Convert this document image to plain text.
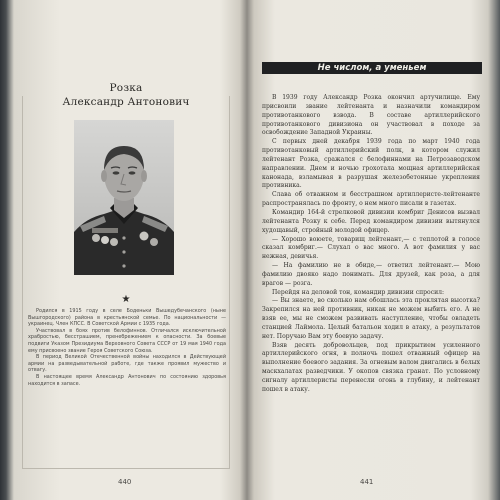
Розка
Александр Антонович
★

Родился в 1915 году в селе Боденьки Вышедубечанского (ныне Вышгородского) района в крестьянской семье. По национальности — украинец. Член КПСС. В Советской Армии с 1935 года.

Участвовал в боях против белофиннов. Отличался исключительной храбростью, бесстрашием, пренебрежением к опасности. За боевые подвиги Указом Президиума Верховного Совета СССР от 19 мая 1940 года ему присвоено звание Героя Советского Союза.

В период Великой Отечественной войны находился в Действующей армии на разведывательной работе, где также проявил мужество и отвагу.

В настоящее время Александр Антонович по состоянию здоровья находится в запасе.

440
Не числом, а уменьем

В 1939 году Александр Розка окончил артучилище. Ему присвоили звание лейтенанта и назначили командиром противотанкового взвода. В составе артиллерийского противотанкового дивизиона он участвовал в походе за освобождение Западной Украины.

С первых дней декабря 1939 года по март 1940 года противотанковый артиллерийский полк, в котором служил лейтенант Розка, сражался с белофиннами на Петрозаводском направлении. Днем и ночью грохотала мощная артиллерийская канонада, взламывая в разрушая железобетонные укрепления противника.

Слава об отважном и бесстрашном артиллеристе-лейтенанте распространялась по фронту, о нем много писали в газетах.

Командир 164-й стрелковой дивизии комбриг Денисов вызвал лейтенанта Розку к себе. Перед командиром дивизии вытянулся худощавый, стройный молодой офицер.

— Хорошо воюете, товарищ лейтенант,— с теплотой в голосе сказал комбриг.— Слухал о вас много. А вот фамилия у вас нежная, девичья.

— На фамилию не в обиде,— ответил лейтенант.— Мою фамилию двояко надо понимать. Для друзей, как роза, а для врагов — розга.

Перейдя на деловой тон, командир дивизии спросил:

— Вы знаете, во сколько нам обошлась эта проклятая высотка? Закрепился на ней противник, никак не можем выбить его. А не взяв ее, мы не сможем развивать наступление, чтобы овладеть станцией Лаймола. Целый батальон ходил в атаку, а результатов нет. Поручаю Вам эту боевую задачу.

Взяв десять добровольцев, под прикрытием усиленного артиллерийского огня, в полночь пошел отважный офицер на выполнение боевого задания. За огневым валом двигались в белых маскхалатах разведчики. У окопов связка гранат. По условному сигналу артиллеристы перенесли огонь в глубину, и лейтенант пошел в атаку.

441
